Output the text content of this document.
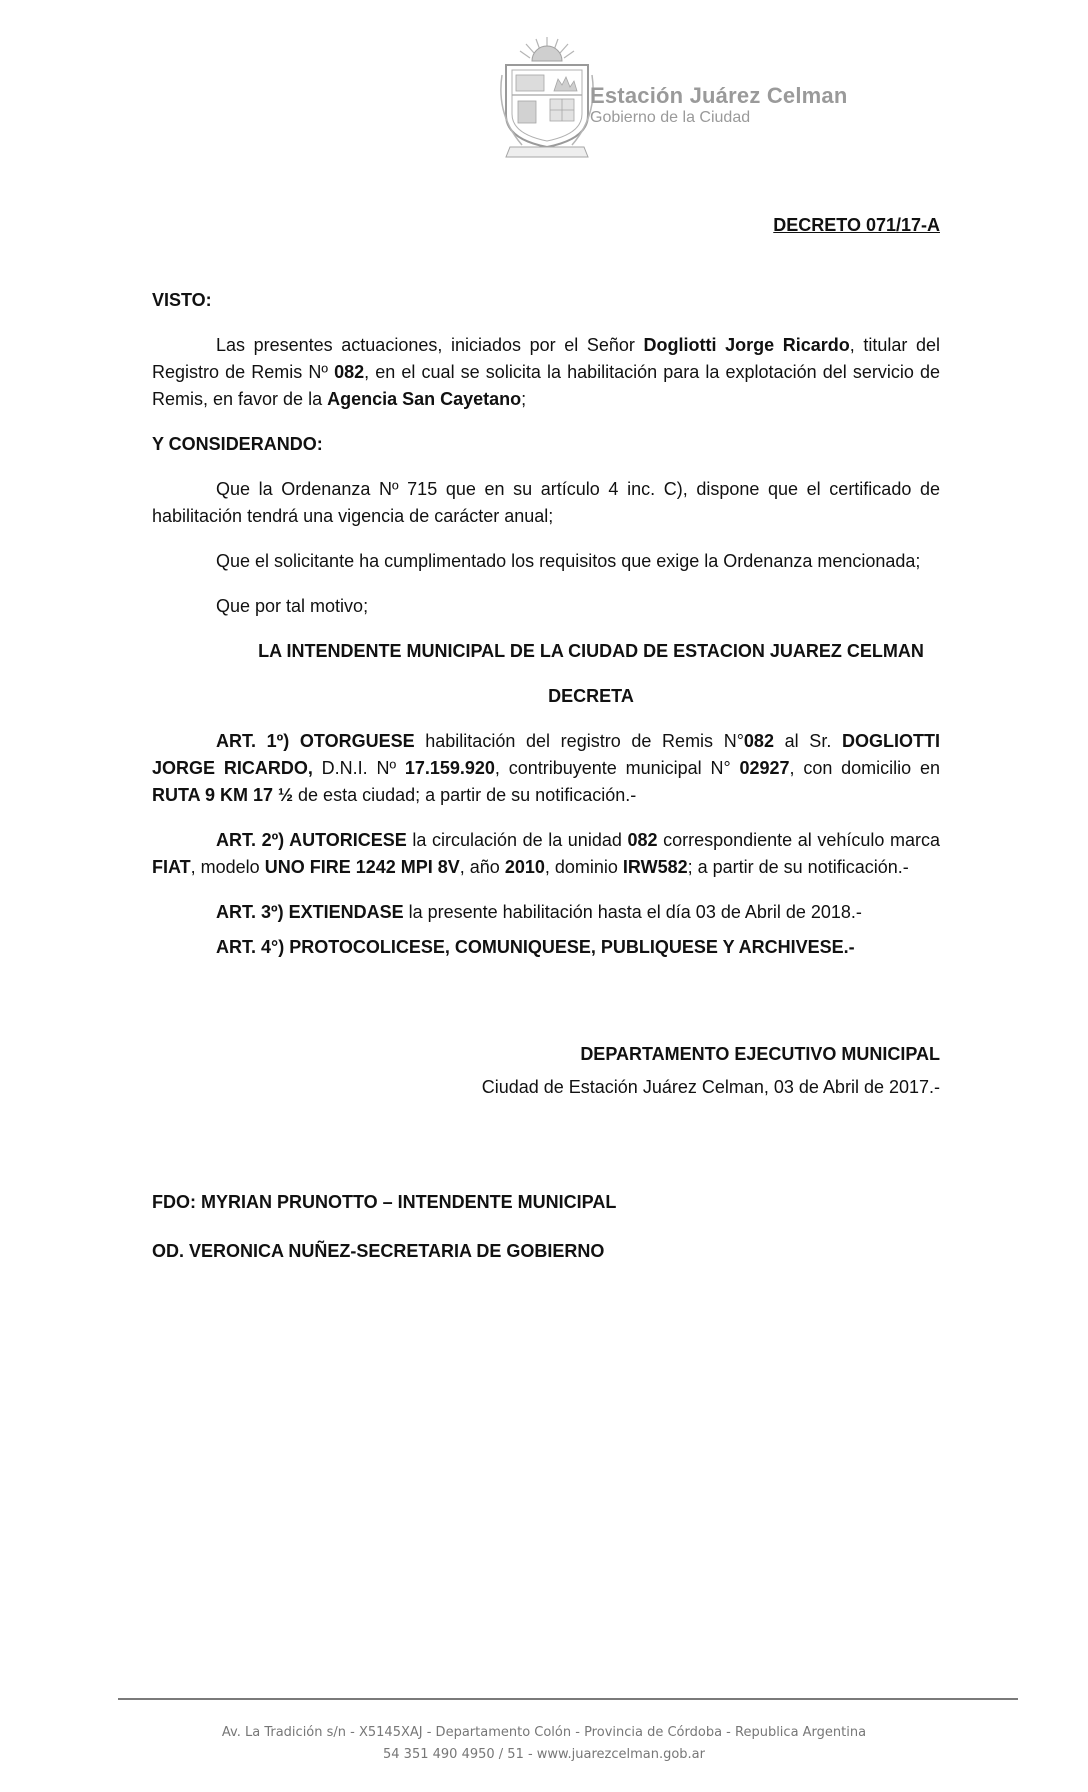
Estación Juárez Celman
Gobierno de la Ciudad

DECRETO 071/17-A

VISTO:

Las presentes actuaciones, iniciados por el Señor Dogliotti Jorge Ricardo, titular del Registro de Remis Nº 082, en el cual se solicita la habilitación para la explotación del servicio de Remis, en favor de la Agencia San Cayetano;

Y CONSIDERANDO:

Que la Ordenanza Nº 715 que en su artículo 4 inc. C), dispone que el certificado de habilitación tendrá una vigencia de carácter anual;

Que el solicitante ha cumplimentado los requisitos que exige la Ordenanza mencionada;

Que por tal motivo;

LA INTENDENTE MUNICIPAL DE LA CIUDAD DE ESTACION JUAREZ CELMAN

DECRETA

ART. 1º) OTORGUESE habilitación del registro de Remis N°082 al Sr. DOGLIOTTI JORGE RICARDO, D.N.I. Nº 17.159.920, contribuyente municipal N° 02927, con domicilio en RUTA 9 KM 17 ½ de esta ciudad; a partir de su notificación.-

ART. 2º) AUTORICESE la circulación de la unidad 082 correspondiente al vehículo marca FIAT, modelo UNO FIRE 1242 MPI 8V, año 2010, dominio IRW582; a partir de su notificación.-

ART. 3º) EXTIENDASE la presente habilitación hasta el día 03 de Abril de 2018.-

ART. 4°) PROTOCOLICESE, COMUNIQUESE, PUBLIQUESE Y ARCHIVESE.-

DEPARTAMENTO EJECUTIVO MUNICIPAL

Ciudad de Estación Juárez Celman, 03 de Abril de 2017.-

FDO: MYRIAN PRUNOTTO – INTENDENTE MUNICIPAL

OD. VERONICA NUÑEZ-SECRETARIA DE GOBIERNO

Av. La Tradición s/n - X5145XAJ - Departamento Colón - Provincia de Córdoba - Republica Argentina
54 351 490 4950 / 51 - www.juarezcelman.gob.ar
